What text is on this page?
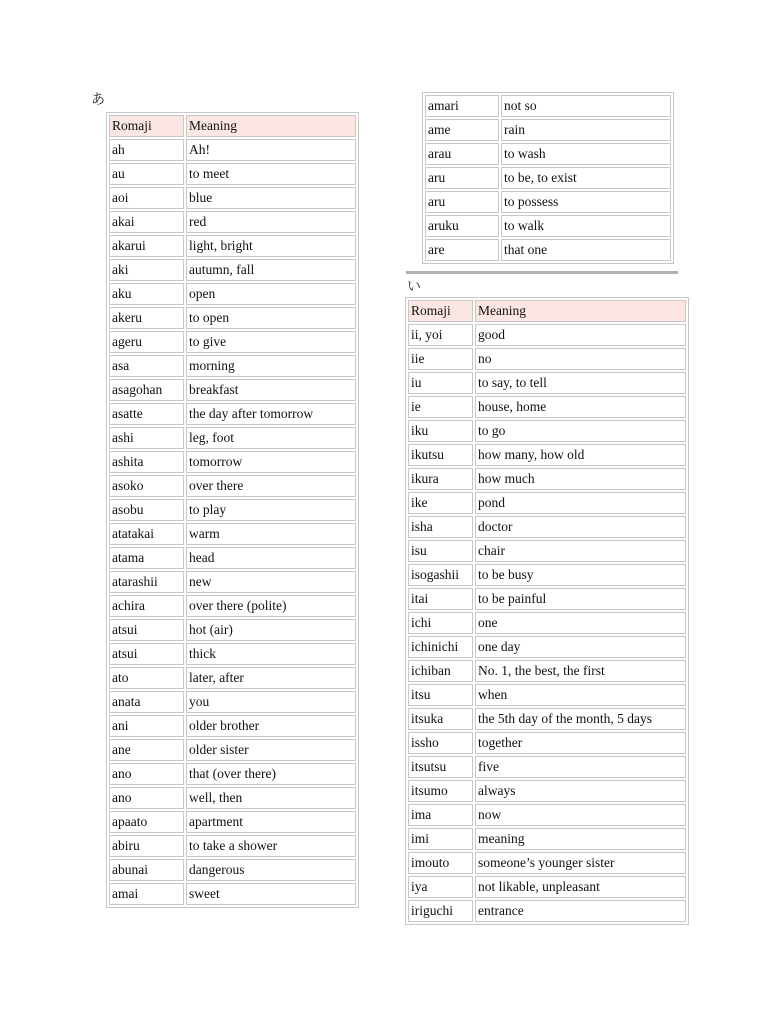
あ
Romaji	Meaning
ah	Ah!
au	to meet
aoi	blue
akai	red
akarui	light, bright
aki	autumn, fall
aku	open
akeru	to open
ageru	to give
asa	morning
asagohan	breakfast
asatte	the day after tomorrow
ashi	leg, foot
ashita	tomorrow
asoko	over there
asobu	to play
atatakai	warm
atama	head
atarashii	new
achira	over there (polite)
atsui	hot (air)
atsui	thick
ato	later, after
anata	you
ani	older brother
ane	older sister
ano	that (over there)
ano	well, then
apaato	apartment
abiru	to take a shower
abunai	dangerous
amai	sweet
amari	not so
ame	rain
arau	to wash
aru	to be, to exist
aru	to possess
aruku	to walk
are	that one
い
Romaji	Meaning
ii, yoi	good
iie	no
iu	to say, to tell
ie	house, home
iku	to go
ikutsu	how many, how old
ikura	how much
ike	pond
isha	doctor
isu	chair
isogashii	to be busy
itai	to be painful
ichi	one
ichinichi	one day
ichiban	No. 1, the best, the first
itsu	when
itsuka	the 5th day of the month, 5 days
issho	together
itsutsu	five
itsumo	always
ima	now
imi	meaning
imouto	someone’s younger sister
iya	not likable, unpleasant
iriguchi	entrance
